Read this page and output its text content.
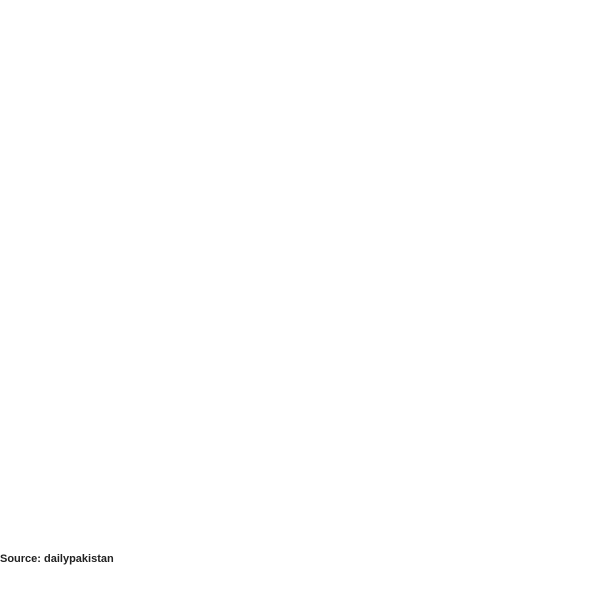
Source: dailypakistan
